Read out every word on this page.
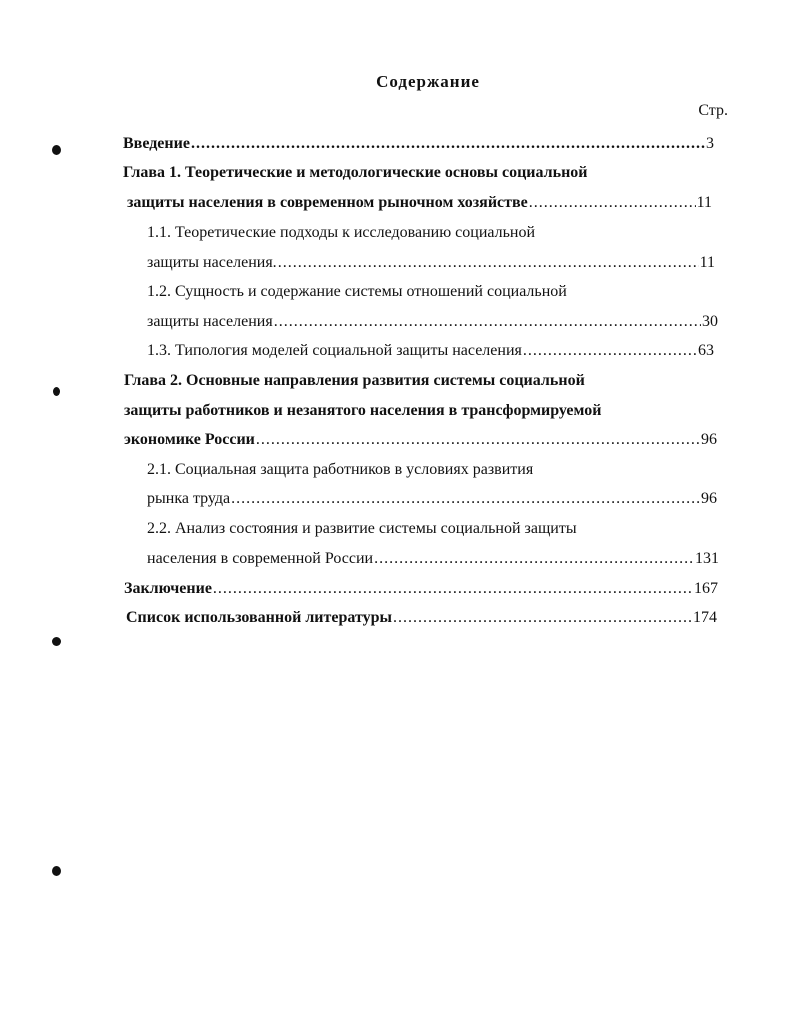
Содержание
Стр.
Введение .....	3
Глава 1. Теоретические и методологические основы социальной
защиты населения в современном рыночном хозяйстве .....	11
1.1. Теоретические подходы к исследованию социальной
защиты населения. .....	11
1.2. Сущность и содержание системы отношений социальной
защиты населения .....	30
1.3. Типология моделей социальной защиты населения .....	63
Глава 2. Основные направления развития системы социальной
защиты работников и незанятого населения в трансформируемой
экономике России .....	96
2.1. Социальная защита работников в условиях развития
рынка труда .....	96
2.2. Анализ состояния и развитие системы социальной защиты
населения в современной России .....	131
Заключение .....	167
Список использованной литературы .....	174
